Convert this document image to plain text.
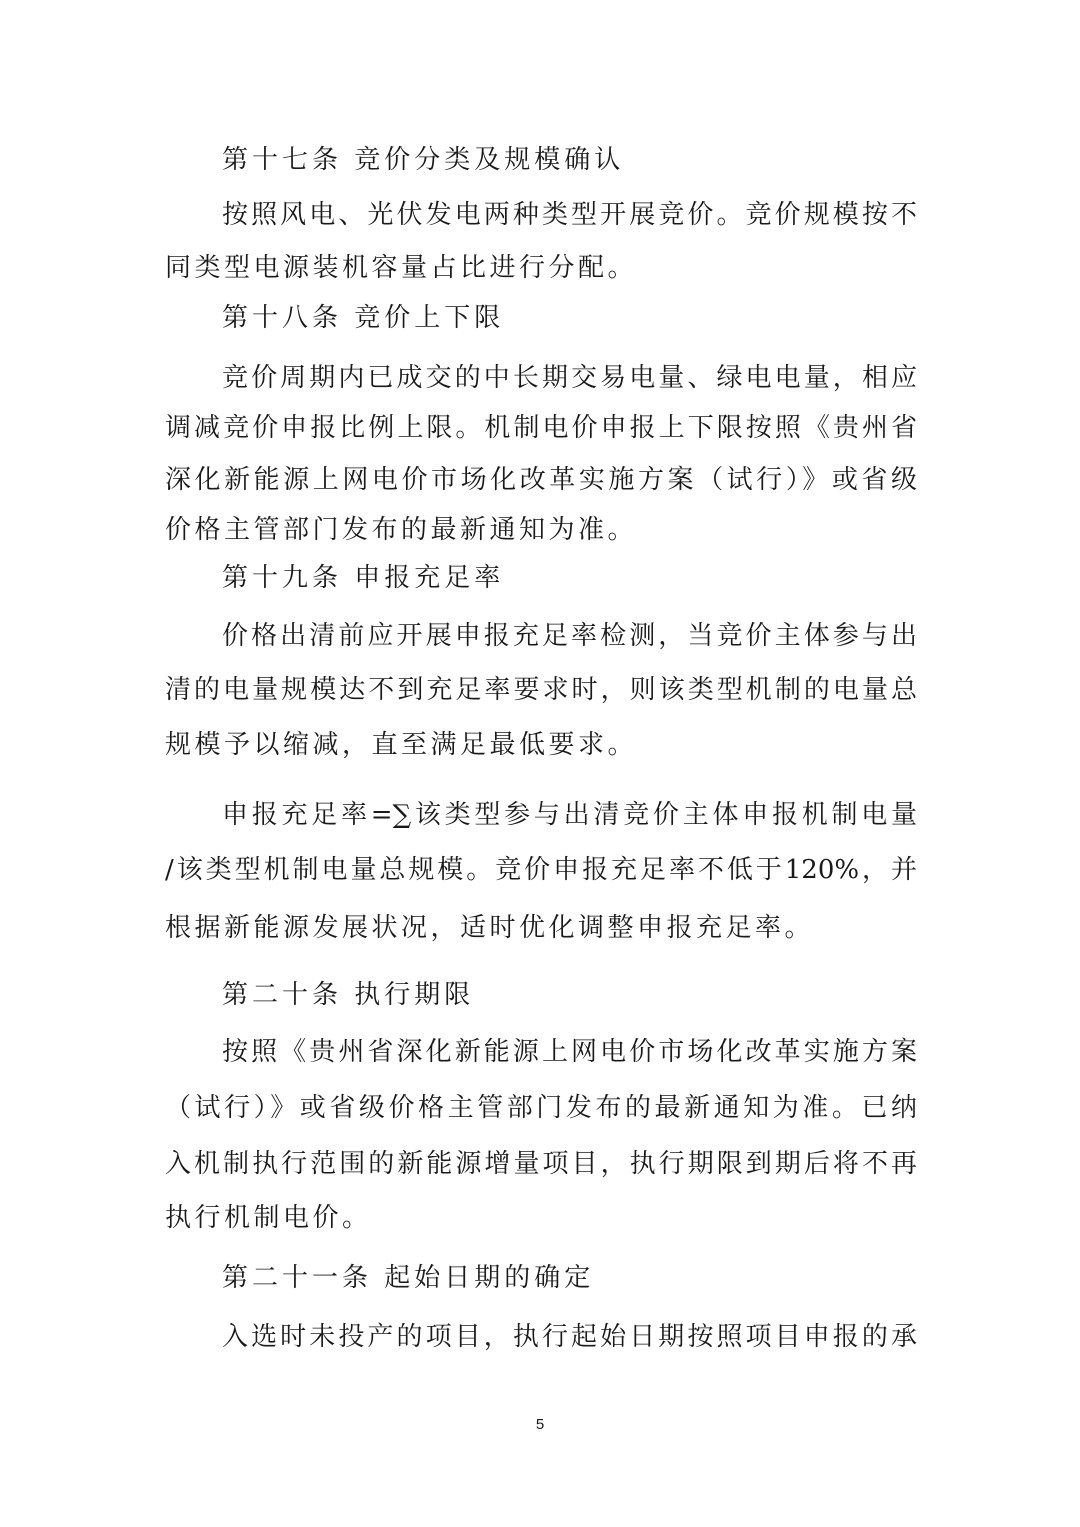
第十七条 竞价分类及规模确认
按照风电、光伏发电两种类型开展竞价。竞价规模按不
同类型电源装机容量占比进行分配。
第十八条 竞价上下限
竞价周期内已成交的中长期交易电量、绿电电量，相应
调减竞价申报比例上限。机制电价申报上下限按照《贵州省
深化新能源上网电价市场化改革实施方案（试行）》或省级
价格主管部门发布的最新通知为准。
第十九条 申报充足率
价格出清前应开展申报充足率检测，当竞价主体参与出
清的电量规模达不到充足率要求时，则该类型机制的电量总
规模予以缩减，直至满足最低要求。
申报充足率=∑该类型参与出清竞价主体申报机制电量
/该类型机制电量总规模。竞价申报充足率不低于120%，并
根据新能源发展状况，适时优化调整申报充足率。
第二十条 执行期限
按照《贵州省深化新能源上网电价市场化改革实施方案
（试行）》或省级价格主管部门发布的最新通知为准。已纳
入机制执行范围的新能源增量项目，执行期限到期后将不再
执行机制电价。
第二十一条 起始日期的确定
入选时未投产的项目，执行起始日期按照项目申报的承
5
